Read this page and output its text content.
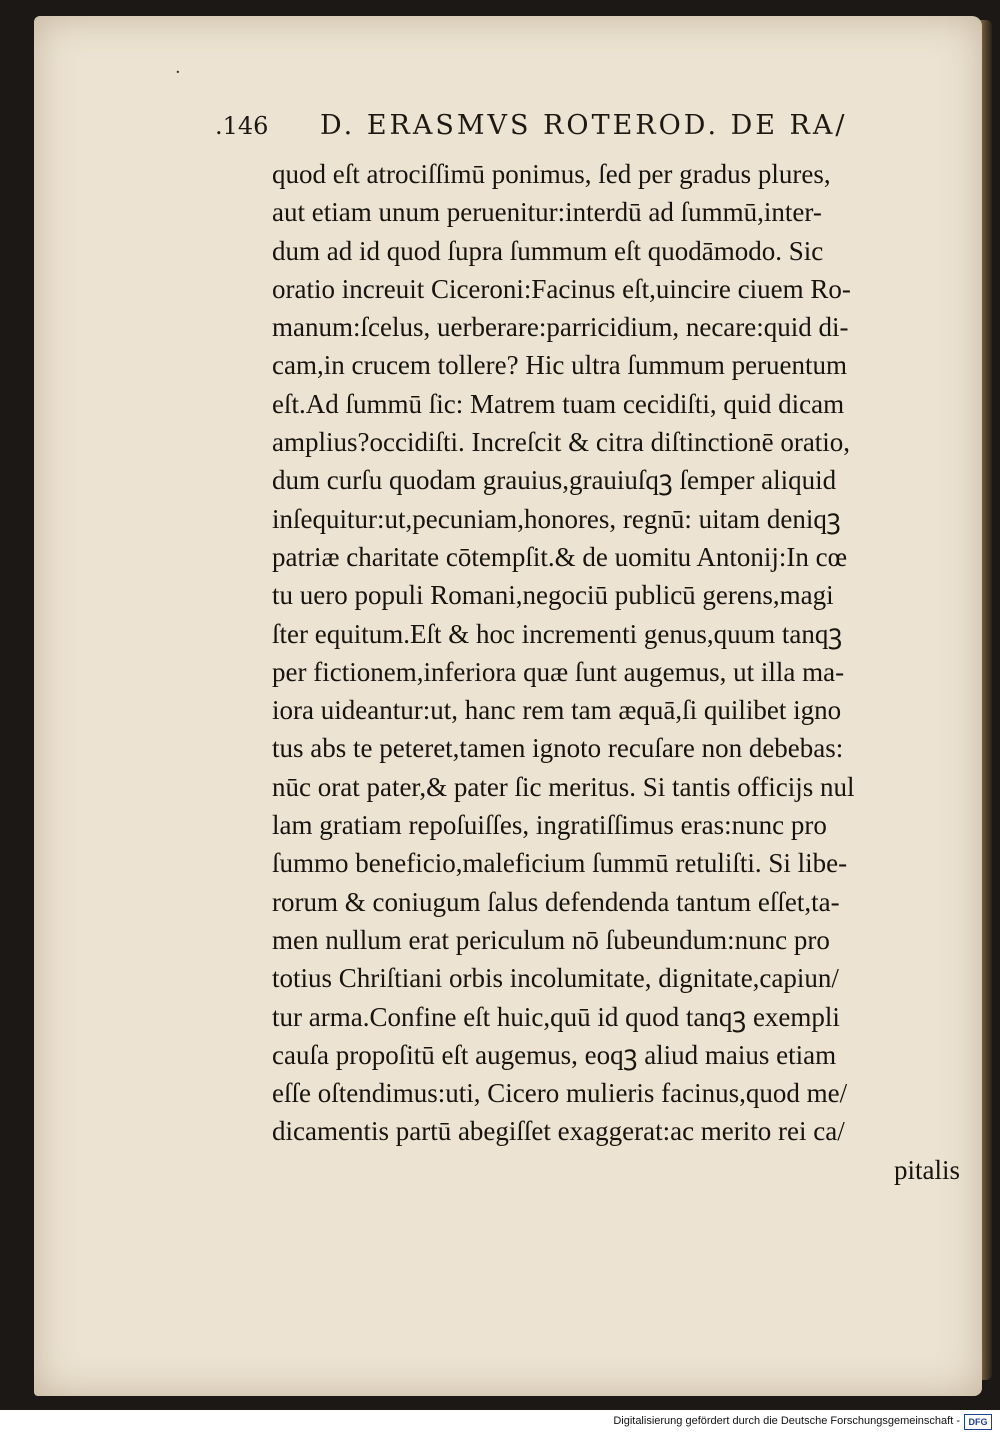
.146 D. ERASMVS ROTEROD. DE RA/
·
quod eſt atrociſſimū ponimus, ſed per gradus plures,
aut etiam unum peruenitur:interdū ad ſummū,inter-
dum ad id quod ſupra ſummum eſt quodāmodo. Sic
oratio increuit Ciceroni:Facinus eſt,uincire ciuem Ro-
manum:ſcelus, uerberare:parricidium, necare:quid di-
cam,in crucem tollere? Hic ultra ſummum peruentum
eſt.Ad ſummū ſic: Matrem tuam cecidiſti, quid dicam
amplius?occidiſti. Increſcit & citra diſtinctionē oratio,
dum curſu quodam grauius,grauiuſqꝫ ſemper aliquid
inſequitur:ut,pecuniam,honores, regnū: uitam deniqꝫ
patriæ charitate cōtempſit.& de uomitu Antonij:In cœ
tu uero populi Romani,negociū publicū gerens,magi
ſter equitum.Eſt & hoc incrementi genus,quum tanqꝫ
per fictionem,inferiora quæ ſunt augemus, ut illa ma-
iora uideantur:ut, hanc rem tam æquā,ſi quilibet igno
tus abs te peteret,tamen ignoto recuſare non debebas:
nūc orat pater,& pater ſic meritus. Si tantis officijs nul
lam gratiam repoſuiſſes, ingratiſſimus eras:nunc pro
ſummo beneficio,maleficium ſummū retuliſti. Si libe-
rorum & coniugum ſalus defendenda tantum eſſet,ta-
men nullum erat periculum nō ſubeundum:nunc pro
totius Chriſtiani orbis incolumitate, dignitate,capiun/
tur arma.Confine eſt huic,quū id quod tanqꝫ exempli
cauſa propoſitū eſt augemus, eoqꝫ aliud maius etiam
eſſe oſtendimus:uti, Cicero mulieris facinus,quod me/
dicamentis partū abegiſſet exaggerat:ac merito rei ca/
pitalis
Digitalisierung gefördert durch die Deutsche Forschungsgemeinschaft - DFG
